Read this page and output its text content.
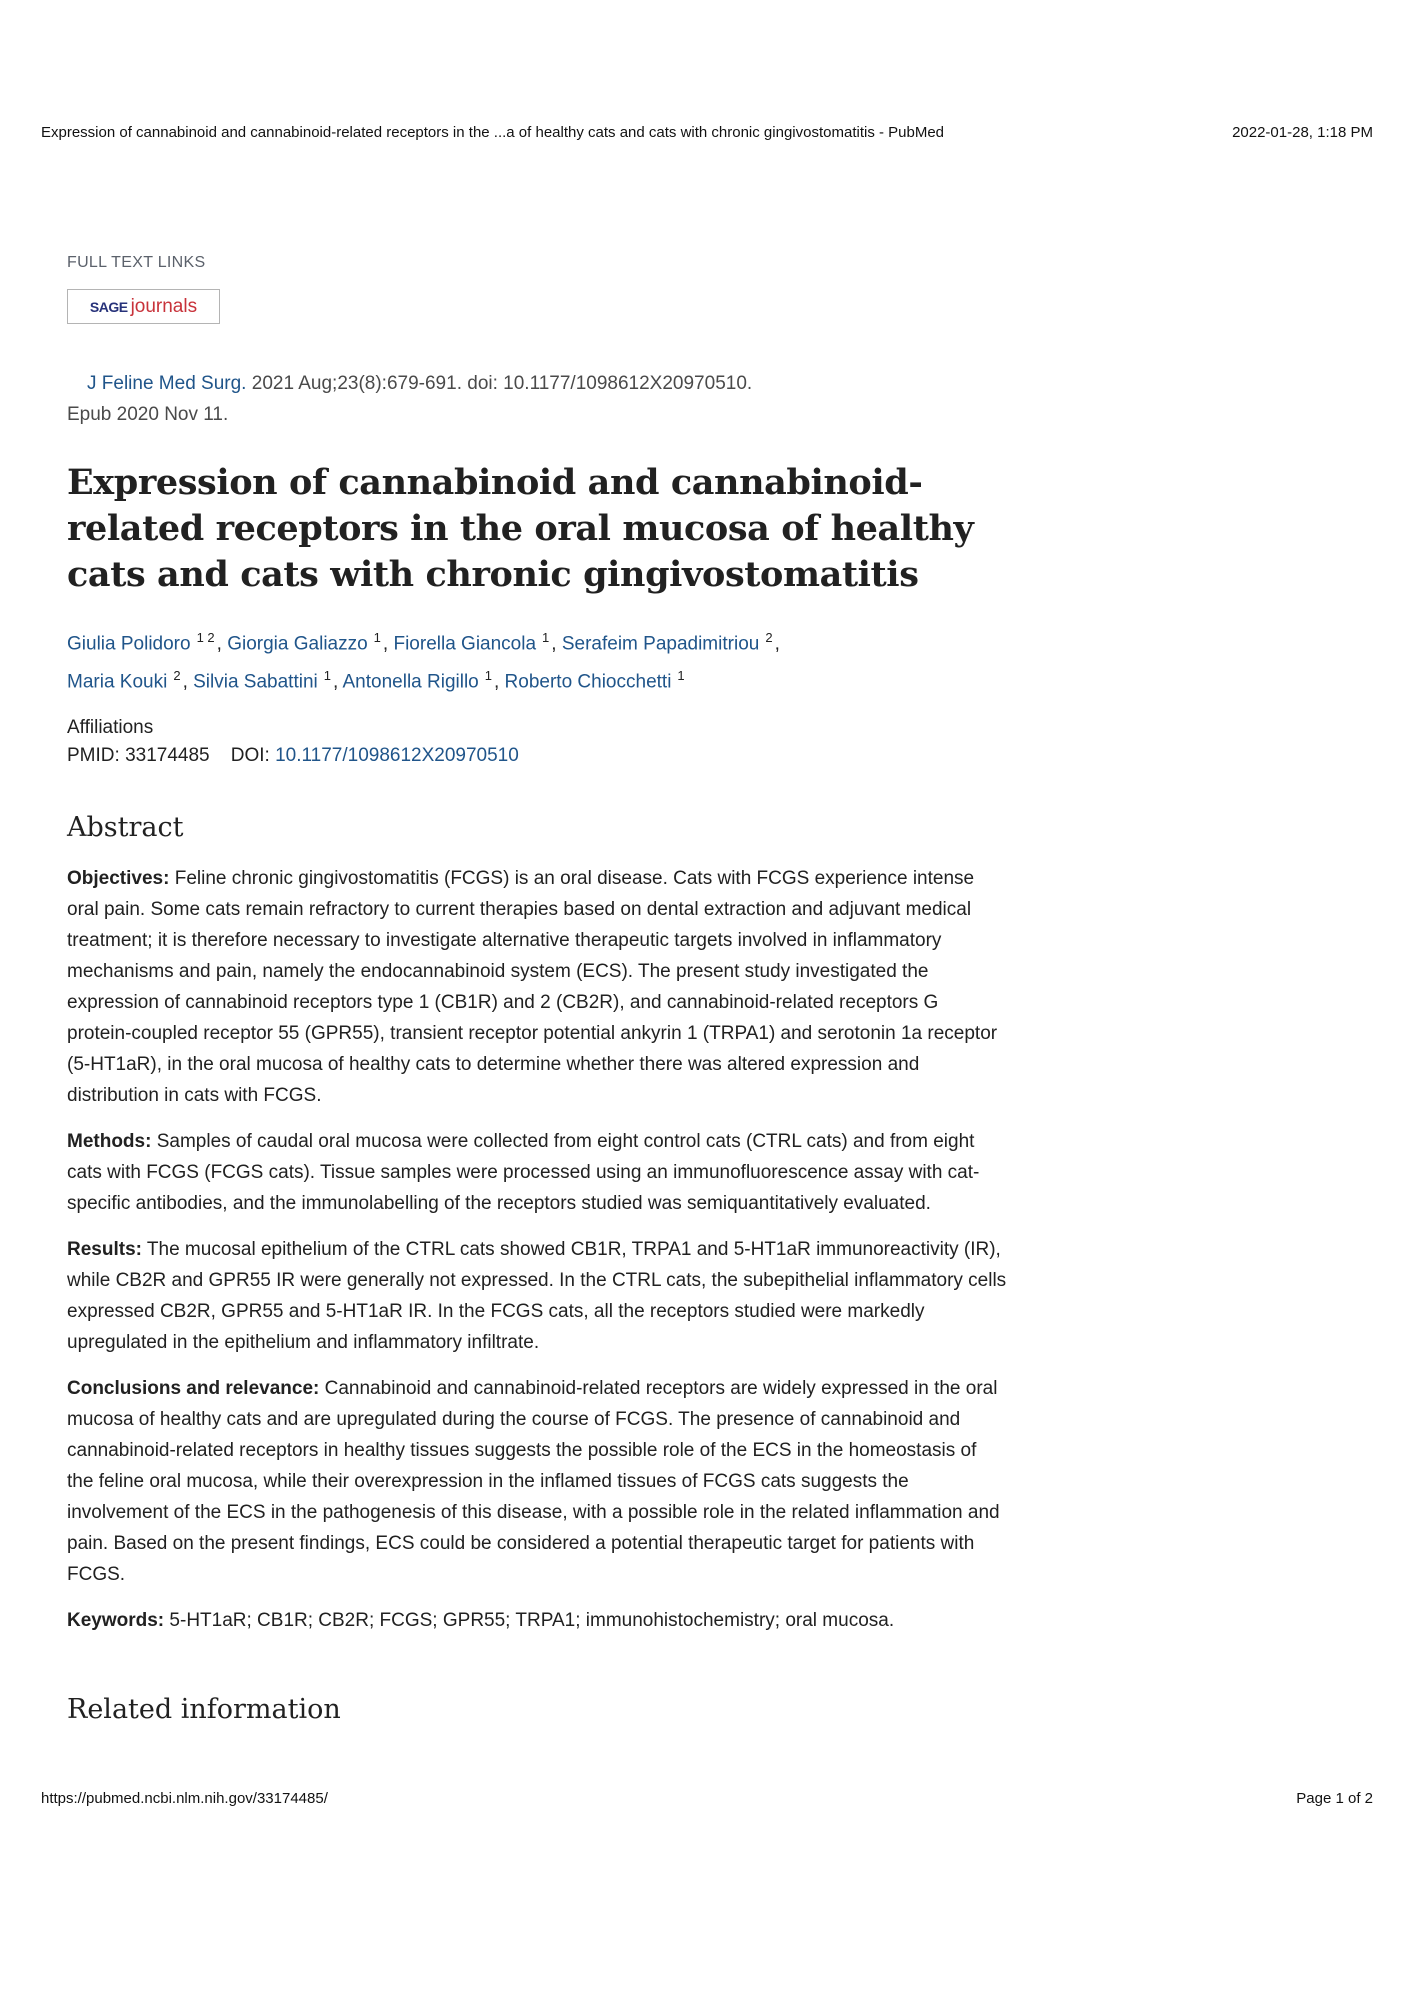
Expression of cannabinoid and cannabinoid-related receptors in the ...a of healthy cats and cats with chronic gingivostomatitis - PubMed	2022-01-28, 1:18 PM
FULL TEXT LINKS
SAGE journals
J Feline Med Surg. 2021 Aug;23(8):679-691. doi: 10.1177/1098612X20970510.
Epub 2020 Nov 11.
Expression of cannabinoid and cannabinoid-related receptors in the oral mucosa of healthy cats and cats with chronic gingivostomatitis
Giulia Polidoro $^{1 2}$ , Giorgia Galiazzo $^1$ , Fiorella Giancola $^1$ , Serafeim Papadimitriou $^2$ ,
Maria Kouki $^2$ , Silvia Sabattini $^1$ , Antonella Rigillo $^1$ , Roberto Chiocchetti $^1$
Affiliations
PMID: 33174485 DOI: 10.1177/1098612X20970510
Abstract

Objectives: Feline chronic gingivostomatitis (FCGS) is an oral disease. Cats with FCGS experience intense oral pain. Some cats remain refractory to current therapies based on dental extraction and adjuvant medical treatment; it is therefore necessary to investigate alternative therapeutic targets involved in inflammatory mechanisms and pain, namely the endocannabinoid system (ECS). The present study investigated the expression of cannabinoid receptors type 1 (CB1R) and 2 (CB2R), and cannabinoid-related receptors G protein-coupled receptor 55 (GPR55), transient receptor potential ankyrin 1 (TRPA1) and serotonin 1a receptor (5-HT1aR), in the oral mucosa of healthy cats to determine whether there was altered expression and distribution in cats with FCGS.

Methods: Samples of caudal oral mucosa were collected from eight control cats (CTRL cats) and from eight cats with FCGS (FCGS cats). Tissue samples were processed using an immunofluorescence assay with cat-specific antibodies, and the immunolabelling of the receptors studied was semiquantitatively evaluated.

Results: The mucosal epithelium of the CTRL cats showed CB1R, TRPA1 and 5-HT1aR immunoreactivity (IR), while CB2R and GPR55 IR were generally not expressed. In the CTRL cats, the subepithelial inflammatory cells expressed CB2R, GPR55 and 5-HT1aR IR. In the FCGS cats, all the receptors studied were markedly upregulated in the epithelium and inflammatory infiltrate.

Conclusions and relevance: Cannabinoid and cannabinoid-related receptors are widely expressed in the oral mucosa of healthy cats and are upregulated during the course of FCGS. The presence of cannabinoid and cannabinoid-related receptors in healthy tissues suggests the possible role of the ECS in the homeostasis of the feline oral mucosa, while their overexpression in the inflamed tissues of FCGS cats suggests the involvement of the ECS in the pathogenesis of this disease, with a possible role in the related inflammation and pain. Based on the present findings, ECS could be considered a potential therapeutic target for patients with FCGS.

Keywords: 5-HT1aR; CB1R; CB2R; FCGS; GPR55; TRPA1; immunohistochemistry; oral mucosa.

Related information
https://pubmed.ncbi.nlm.nih.gov/33174485/	Page 1 of 2
